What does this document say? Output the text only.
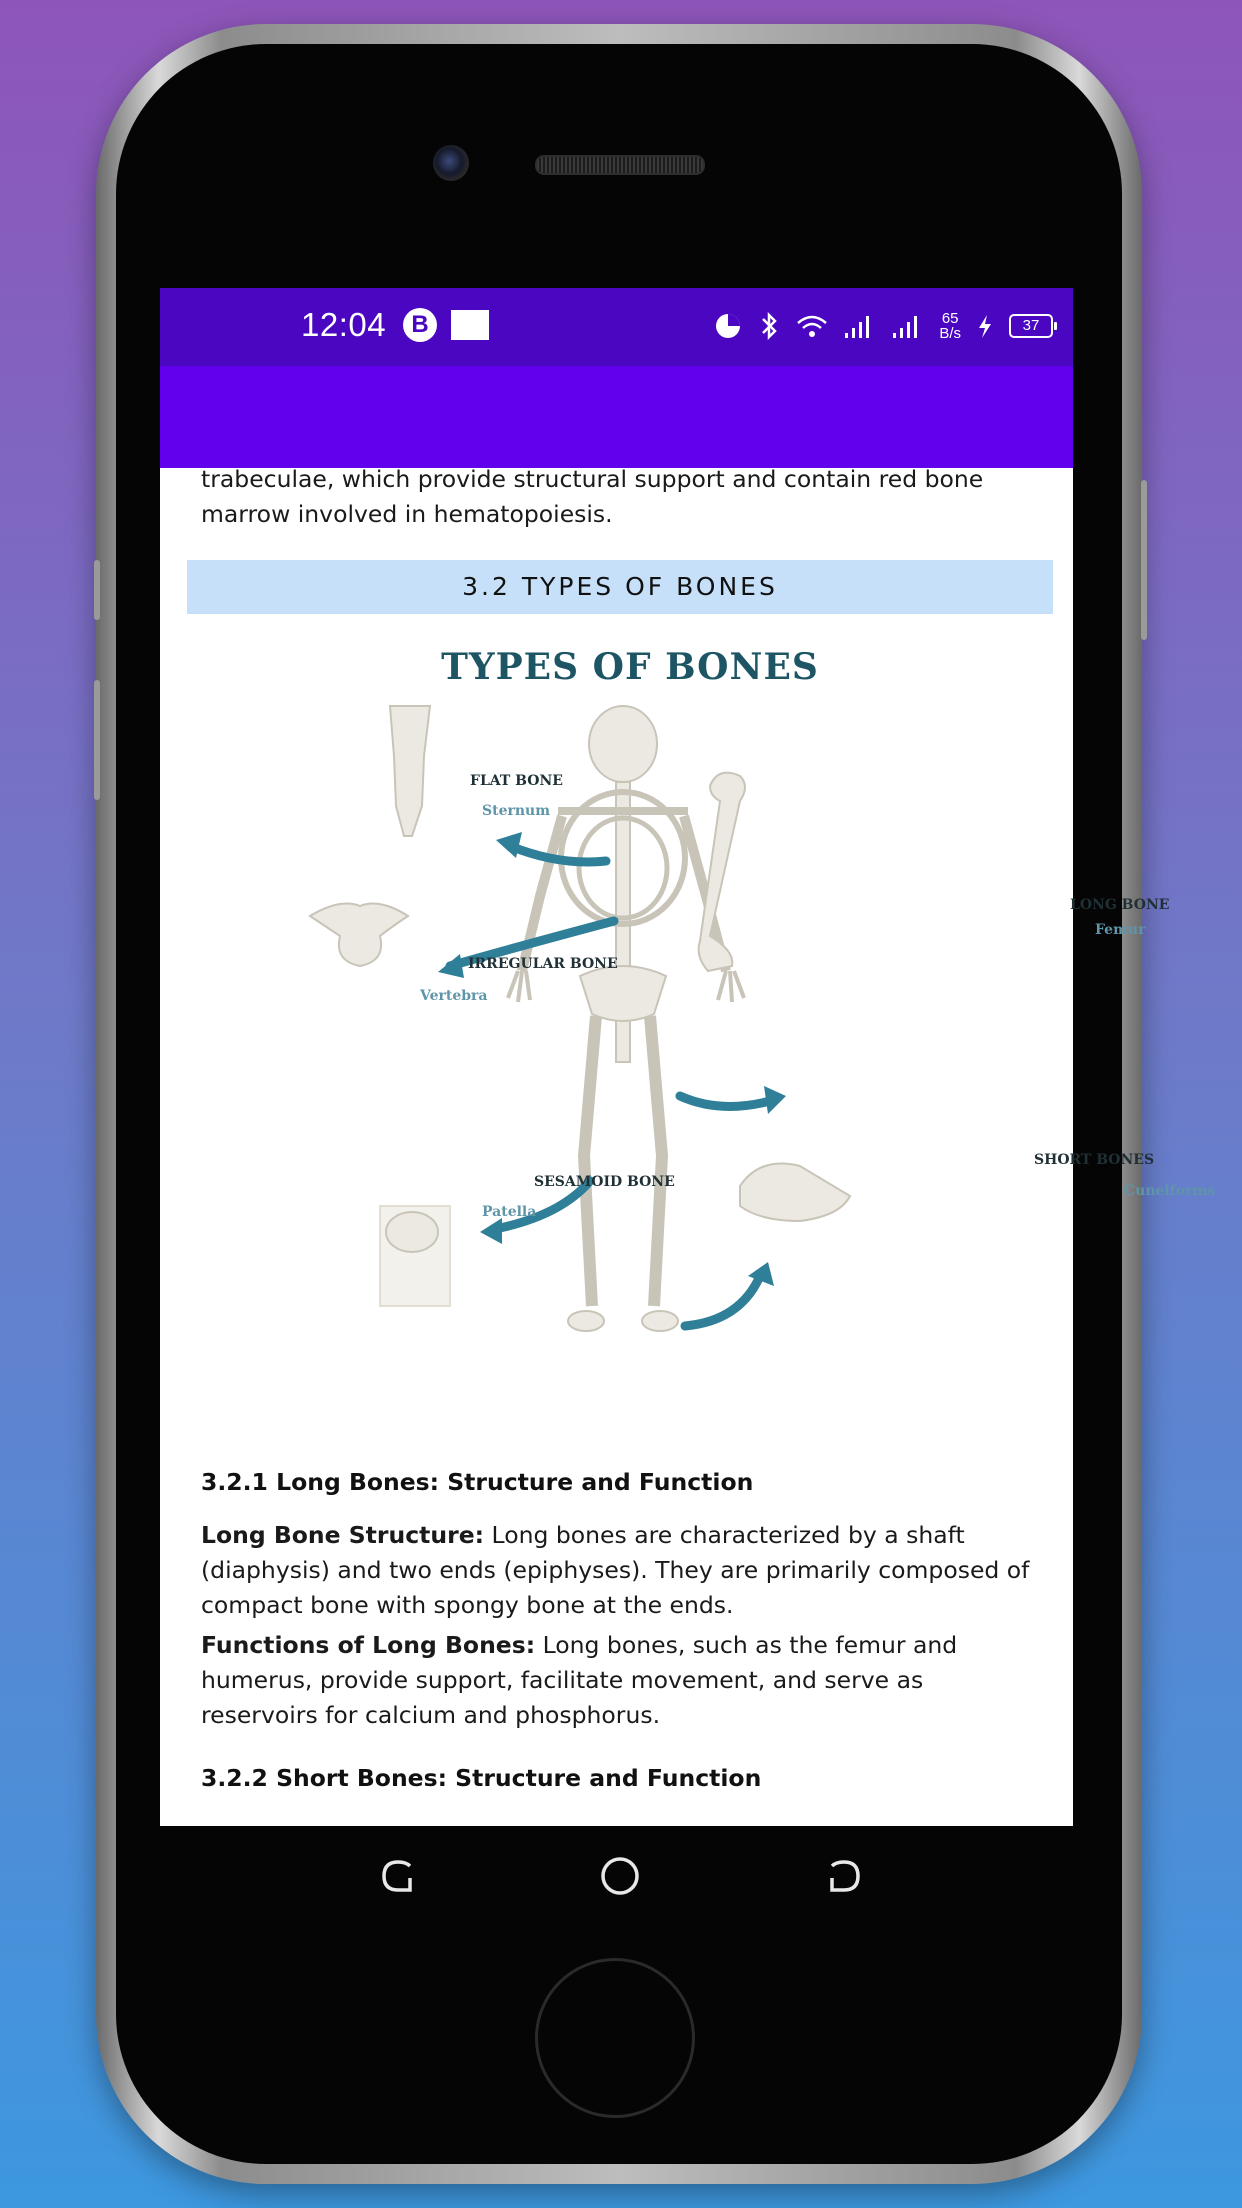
12:04	B	65
B/s	37
trabeculae, which provide structural support and contain red bone marrow involved in hematopoiesis.
3.2 TYPES OF BONES
TYPES OF BONES
FLAT BONE
Sternum
IRREGULAR BONE
Vertebra
LONG BONE
Femur
SESAMOID BONE
Patella
SHORT BONES
Cuneiforms
3.2.1 Long Bones: Structure and Function
Long Bone Structure: Long bones are characterized by a shaft (diaphysis) and two ends (epiphyses). They are primarily composed of compact bone with spongy bone at the ends.
Functions of Long Bones: Long bones, such as the femur and humerus, provide support, facilitate movement, and serve as reservoirs for calcium and phosphorus.
3.2.2 Short Bones: Structure and Function
